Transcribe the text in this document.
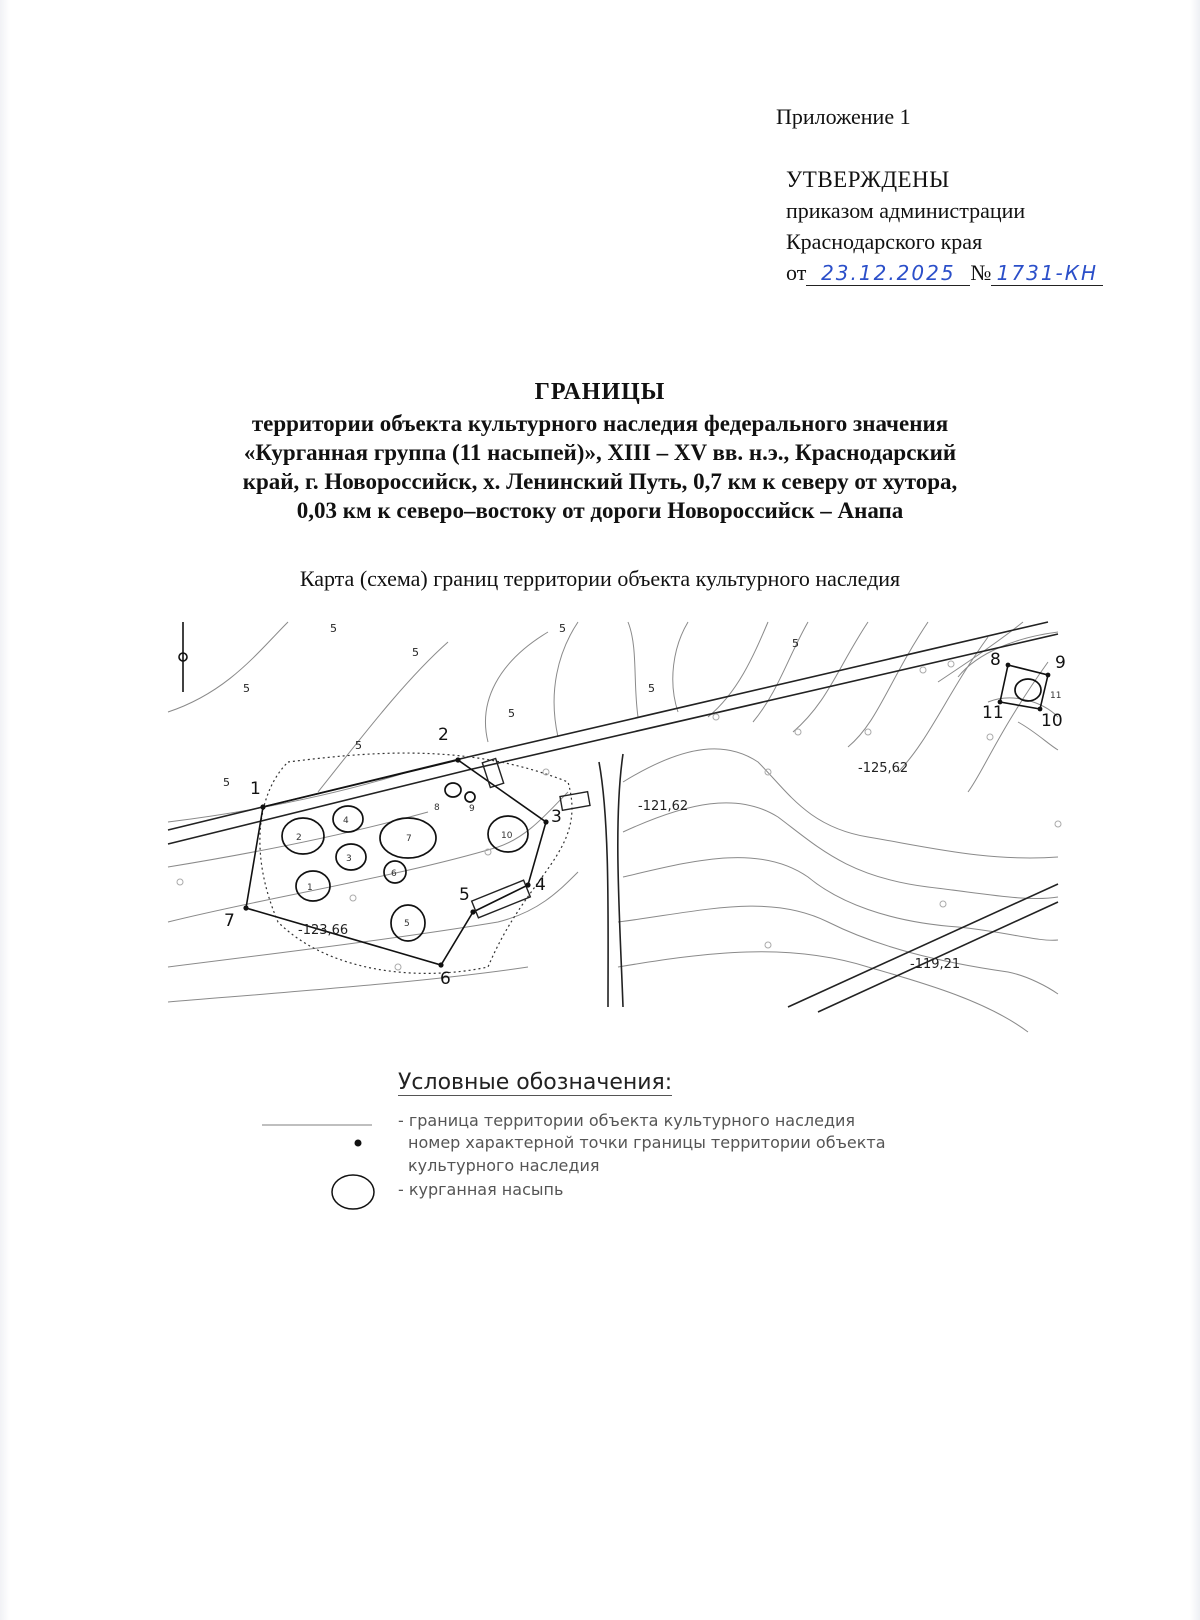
Приложение 1
УТВЕРЖДЕНЫ
приказом администрации
Краснодарского края
от 23.12.2025 № 1731-КН
ГРАНИЦЫ
территории объекта культурного наследия федерального значения
«Курганная группа (11 насыпей)», XIII – XV вв. н.э., Краснодарский
край, г. Новороссийск, х. Ленинский Путь, 0,7 км к северу от хутора,
0,03 км к северо–востоку от дороги Новороссийск – Анапа
Карта (схема) границ территории объекта культурного наследия
1
2
3
4
5
6
7
8	9
10
11
1
2
3
4
5
6
7
8	9
10
11
-123,66
-121,62
-125,62
-119,21
5
5
5
5
5
5
5
5
5
Условные обозначения:
- граница территории объекта культурного наследия
номер характерной точки границы территории объекта
культурного наследия
- курганная насыпь
